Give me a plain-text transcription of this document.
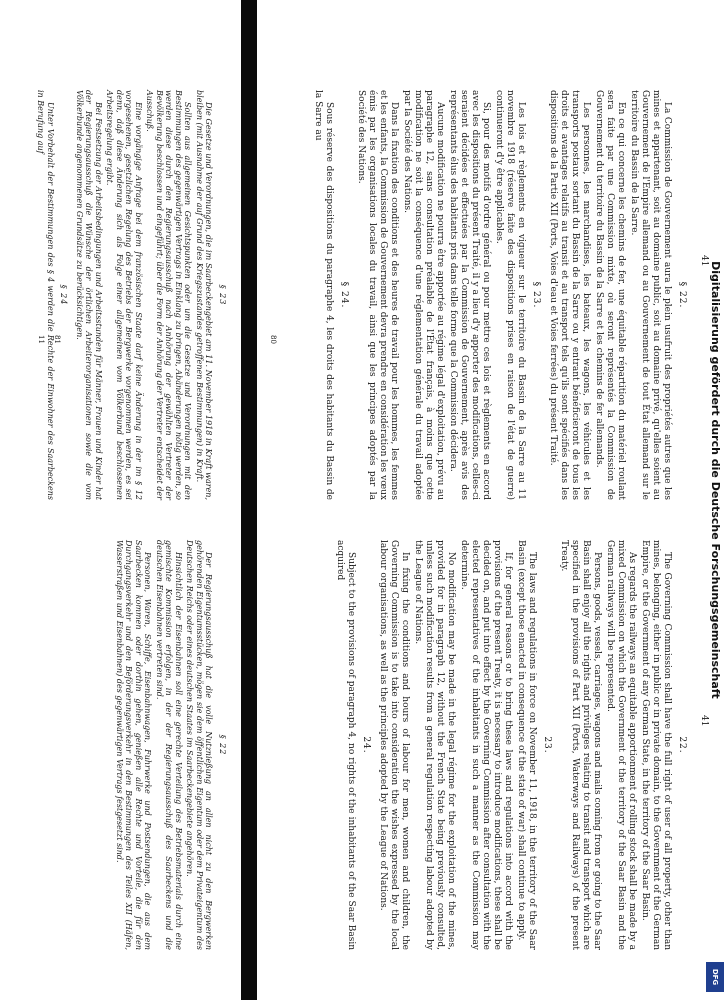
41
41

22.

The Governing Commission shall have the full right of user of all property, other than mines, belonging, either in public or in private domain, to the Government of the German Empire, or the Government of any German State, in the territory of the Saar Basin.

As regards the railways an equitable apportionment of rolling stock shall be made by a mixed Commission on which the Government of the territory of the Saar Basin and the German railways will be represented.

Persons, goods, vessels, carriages, wagons and mails coming from or going to the Saar Basin shall enjoy all the rights and privileges relating to transit and transport which are specified in the provisions of Part XII (Ports, Waterways and Railways) of the present Treaty.

23.

The laws and regulations in force on November 11, 1918, in the territory of the Saar Basin (except those enacted in consequence of the state of war) shall continue to apply.

If, for general reasons or to bring these laws and regulations into accord with the provisions of the present Treaty, it is necessary to introduce modifications, these shall be decided on, and put into effect by the Governing Commission after consultation with the elected representatives of the inhabitants in such a manner as the Commission may determine.

No modification may be made in the legal régime for the exploitation of the mines, provided for in paragraph 12, without the French State being previously consulted, unless such modification results from a general regulation respecting labour adopted by the League of Nations.

In fixing the conditions and hours of labour for men, women and children, the Governing Commission is to take into consideration the wishes expressed by the local labour organisations, as well as the principles adopted by the League of Nations.

24.

Subject to the provisions of paragraph 4, no rights of the inhabitants of the Saar Basin acquired

§ 22.

La Commission de Gouvernement aura le plein usufruit des propriétés autres que les mines et appartenant, soit au domaine public, soit au domaine privé, qu'elles soient au Gouvernement de l'Empire allemand ou au Gouvernement de tout État allemand sur le territoire du Bassin de la Sarre.

En ce qui concerne les chemins de fer, une équitable répartition du matériel roulant sera faite par une Commission mixte, où seront représentés la Commission de Gouvernement du territoire du Bassin de la Sarre et les chemins de fer allemands.

Les personnes, les marchandises, les bateaux, les wagons, les véhicules et les transports postaux sortant du Bassin de la Sarre ou y entrant bénéficieront de tous les droits et avantages relatifs au transit et au transport tels qu'ils sont spécifiés dans les dispositions de la Partie XII (Ports, Voies d'eau et Voies ferrées) du présent Traité.

§ 23.

Les lois et règlements en vigueur sur le territoire du Bassin de la Sarre au 11 novembre 1918 (réserve faite des dispositions prises en raison de l'état de guerre) continueront d'y être applicables.

Si, pour des motifs d'ordre général ou pour mettre ces lois et règlements en accord avec les dispositions du présent Traité, il y a lieu d'y apporter des modifications, celles-ci seraient décidées et effectuées par la Commission de Gouvernement, après avis des représentants élus des habitants pris dans telle forme que la Commission décidera.

Aucune modification ne pourra être apportée au régime légal d'exploitation, prévu au paragraphe 12, sans consultation préalable de l'État français, à moins que cette modification ne soit la conséquence d'une réglementation générale du travail adoptée par la Société des Nations.

Dans la fixation des conditions et des heures de travail pour les hommes, les femmes et les enfants, la Commission de Gouvernement devra prendre en considération les vœux émis par les organisations locales du travail, ainsi que les principes adoptés par la Société des Nations.

§ 24.

Sous réserve des dispositions du paragraphe 4, les droits des habitants du Bassin de la Sarre au

80

§ 22

Der Regierungsausschuß hat die volle Nutznießung an allen nicht zu den Bergwerken gehörenden Eigentumsstücken, mögen sie dem öffentlichen Eigentum oder dem Privateigentum des Deutschen Reichs oder eines deutschen Staates im Saarbeckengebiete angehören.

Hinsichtlich der Eisenbahnen soll eine gerechte Verteilung des Betriebsmaterials durch eine gemischte Kommission erfolgen, in der der Regierungsausschuß des Saarbeckens und die deutschen Eisenbahnen vertreten sind.

Personen, Waren, Schiffe, Eisenbahnwagen, Fuhrwerke und Postsendungen, die aus dem Saarbecken kommen oder dorthin gehen, genießen alle Rechte und Vorteile, die für den Durchgangsverkehr und den Beförderungsverkehr in den Bestimmungen des Teiles XII (Häfen, Wasserstraßen und Eisenbahnen) des gegenwärtigen Vertrags festgesetzt sind.

§ 23

Die Gesetze und Verordnungen, die im Saarbeckengebiet am 11. November 1918 in Kraft waren, bleiben (mit Ausnahme der auf Grund des Kriegszustandes getroffenen Bestimmungen) in Kraft.

Sollten aus allgemeinen Gesichtspunkten oder um die Gesetze und Verordnungen mit den Bestimmungen des gegenwärtigen Vertrags in Einklang zu bringen, Abänderungen nötig werden, so werden diese durch den Regierungsausschuß nach Anhörung der gewählten Vertreter der Bevölkerung beschlossen und eingeführt; über die Form der Anhörung der Vertreter entscheidet der Ausschuß.

Eine vorgängige Anfrage bei dem französischen Staate darf keine Änderung in der im § 12 vorgesehenen, gesetzlichen Regelung des Betriebs der Bergwerke vorgenommen werden, es sei denn, daß diese Änderung sich als Folge einer allgemeinen vom Völkerbund beschlossenen Arbeitsregelung ergibt.

Bei Festsetzung der Arbeitsbedingungen und Arbeitsstunden für Männer, Frauen und Kinder hat der Regierungsausschuß die Wünsche der örtlichen Arbeiterorganisationen sowie die vom Völkerbunde angenommenen Grundsätze zu berücksichtigen.

§ 24

Unter Vorbehalt der Bestimmungen des § 4 werden die Rechte der Einwohner des Saarbeckens in Berufung auf

81
11
DFG
Digitalisierung gefördert durch die Deutsche Forschungsgemeinschaft
